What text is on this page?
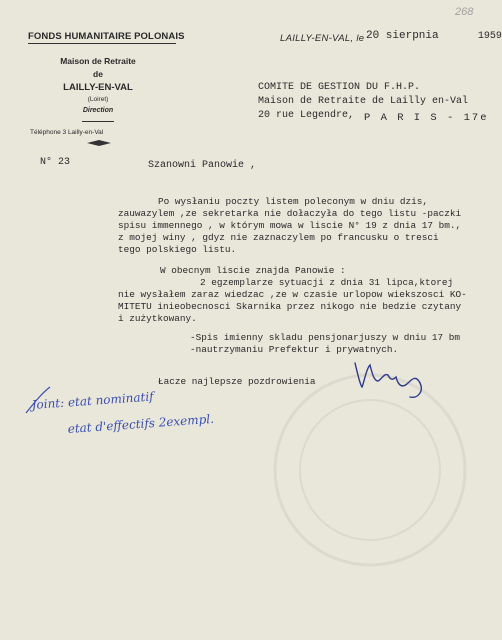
268
FONDS HUMANITAIRE POLONAIS
Maison de Retraite
de
LAILLY-EN-VAL
(Loiret)
Direction
Téléphone 3 Lailly-en-Val
LAILLY-EN-VAL, le 20 sierpnia	1959
COMITE DE GESTION DU F.H.P.
Maison de Retraite de Lailly en-Val
20 rue Legendre, P A R I S - 17e
N° 23	Szanowni Panowie ,
Po wysłaniu poczty listem poleconym w dniu dzis,
zauwazylem ,ze sekretarka nie dołaczyła do tego listu -paczki
spisu immennego , w którym mowa w liscie N° 19 z dnia 17 bm.,
z mojej winy , gdyz nie zaznaczylem po francusku o tresci
tego polskiego listu.
W obecnym liscie znajda Panowie :
2 egzemplarze sytuacji z dnia 31 lipca,ktorej
nie wysłałem zaraz wiedzac ,ze w czasie urlopow wiekszosci KO-
MITETU inieobecnosci Skarnika przez nikogo nie bedzie czytany
i zużytkowany.
-Spis imienny skladu pensjonarjuszy w dniu 17 bm
-nautrzymaniu Prefektur i prywatnych.
Łacze najlepsze pozdrowienia
Joint: etat nominatif
etat d'effectifs 2exempl.
